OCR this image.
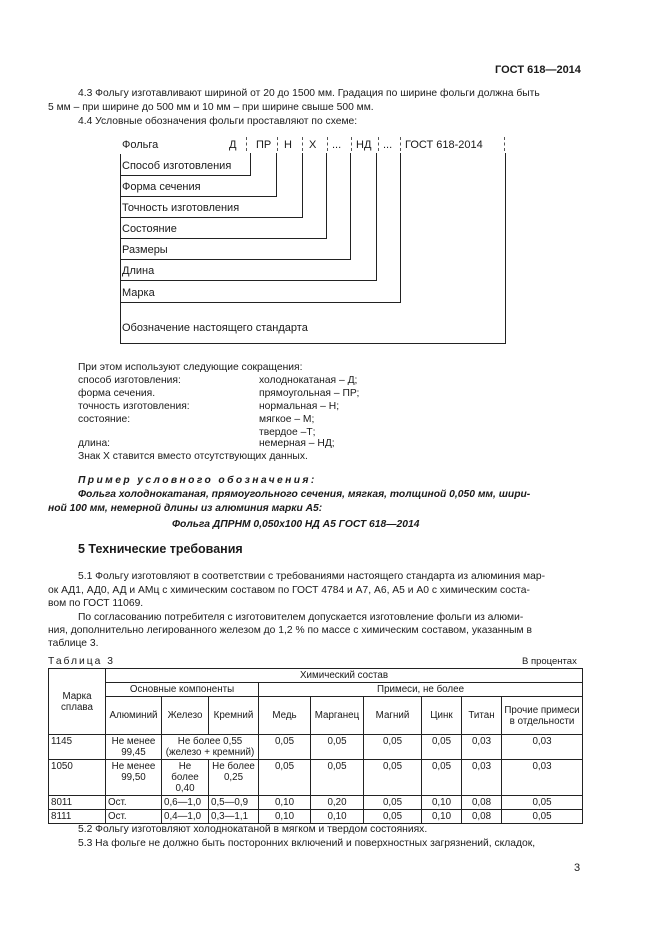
ГОСТ 618—2014
4.3 Фольгу изготавливают шириной от 20 до 1500 мм. Градация по ширине фольги должна быть
5 мм – при ширине до 500 мм и 10 мм – при ширине свыше 500 мм.
4.4 Условные обозначения фольги проставляют по схеме:
Фольга	Д ПР Н Х ... НД ... ГОСТ 618-2014
Способ изготовления
Форма сечения
Точность изготовления
Состояние
Размеры
Длина
Марка
Обозначение настоящего стандарта
При этом используют следующие сокращения:
способ изготовления:	холоднокатаная – Д;
форма сечения.	прямоугольная – ПР;
точность изготовления:	нормальная – Н;
состояние:	мягкое – М;
твердое –Т;
длина:	немерная – НД;
Знак Х ставится вместо отсутствующих данных.
Пример условного обозначения:
Фольга холоднокатаная, прямоугольного сечения, мягкая, толщиной 0,050 мм, шири-
ной 100 мм, немерной длины из алюминия марки А5:
Фольга ДПРНМ 0,050х100 НД А5 ГОСТ 618—2014
5 Технические требования
5.1 Фольгу изготовляют в соответствии с требованиями настоящего стандарта из алюминия мар-
ок АД1, АД0, АД и АМц с химическим составом по ГОСТ 4784 и А7, А6, А5 и А0 с химическим соста-
вом по ГОСТ 11069.
По согласованию потребителя с изготовителем допускается изготовление фольги из алюми-
ния, дополнительно легированного железом до 1,2 % по массе с химическим составом, указанным в
таблице 3.
Таблица 3	В процентах
Марка сплава	Химический состав								
	Основные компоненты			Примеси, не более					
	Алюминий	Железо	Кремний	Медь	Марганец	Магний	Цинк	Титан	Прочие примеси в отдельности
1145	Не менее 99,45	Не более 0,55 (железо + кремний)		0,05	0,05	0,05	0,05	0,03	0,03
1050	Не менее 99,50	Не более 0,40	Не более 0,25	0,05	0,05	0,05	0,05	0,03	0,03
8011	Ост.	0,6—1,0	0,5—0,9	0,10	0,20	0,05	0,10	0,08	0,05
8111	Ост.	0,4—1,0	0,3—1,1	0,10	0,10	0,05	0,10	0,08	0,05
5.2 Фольгу изготовляют холоднокатаной в мягком и твердом состояниях.
5.3 На фольге не должно быть посторонних включений и поверхностных загрязнений, складок,
3
